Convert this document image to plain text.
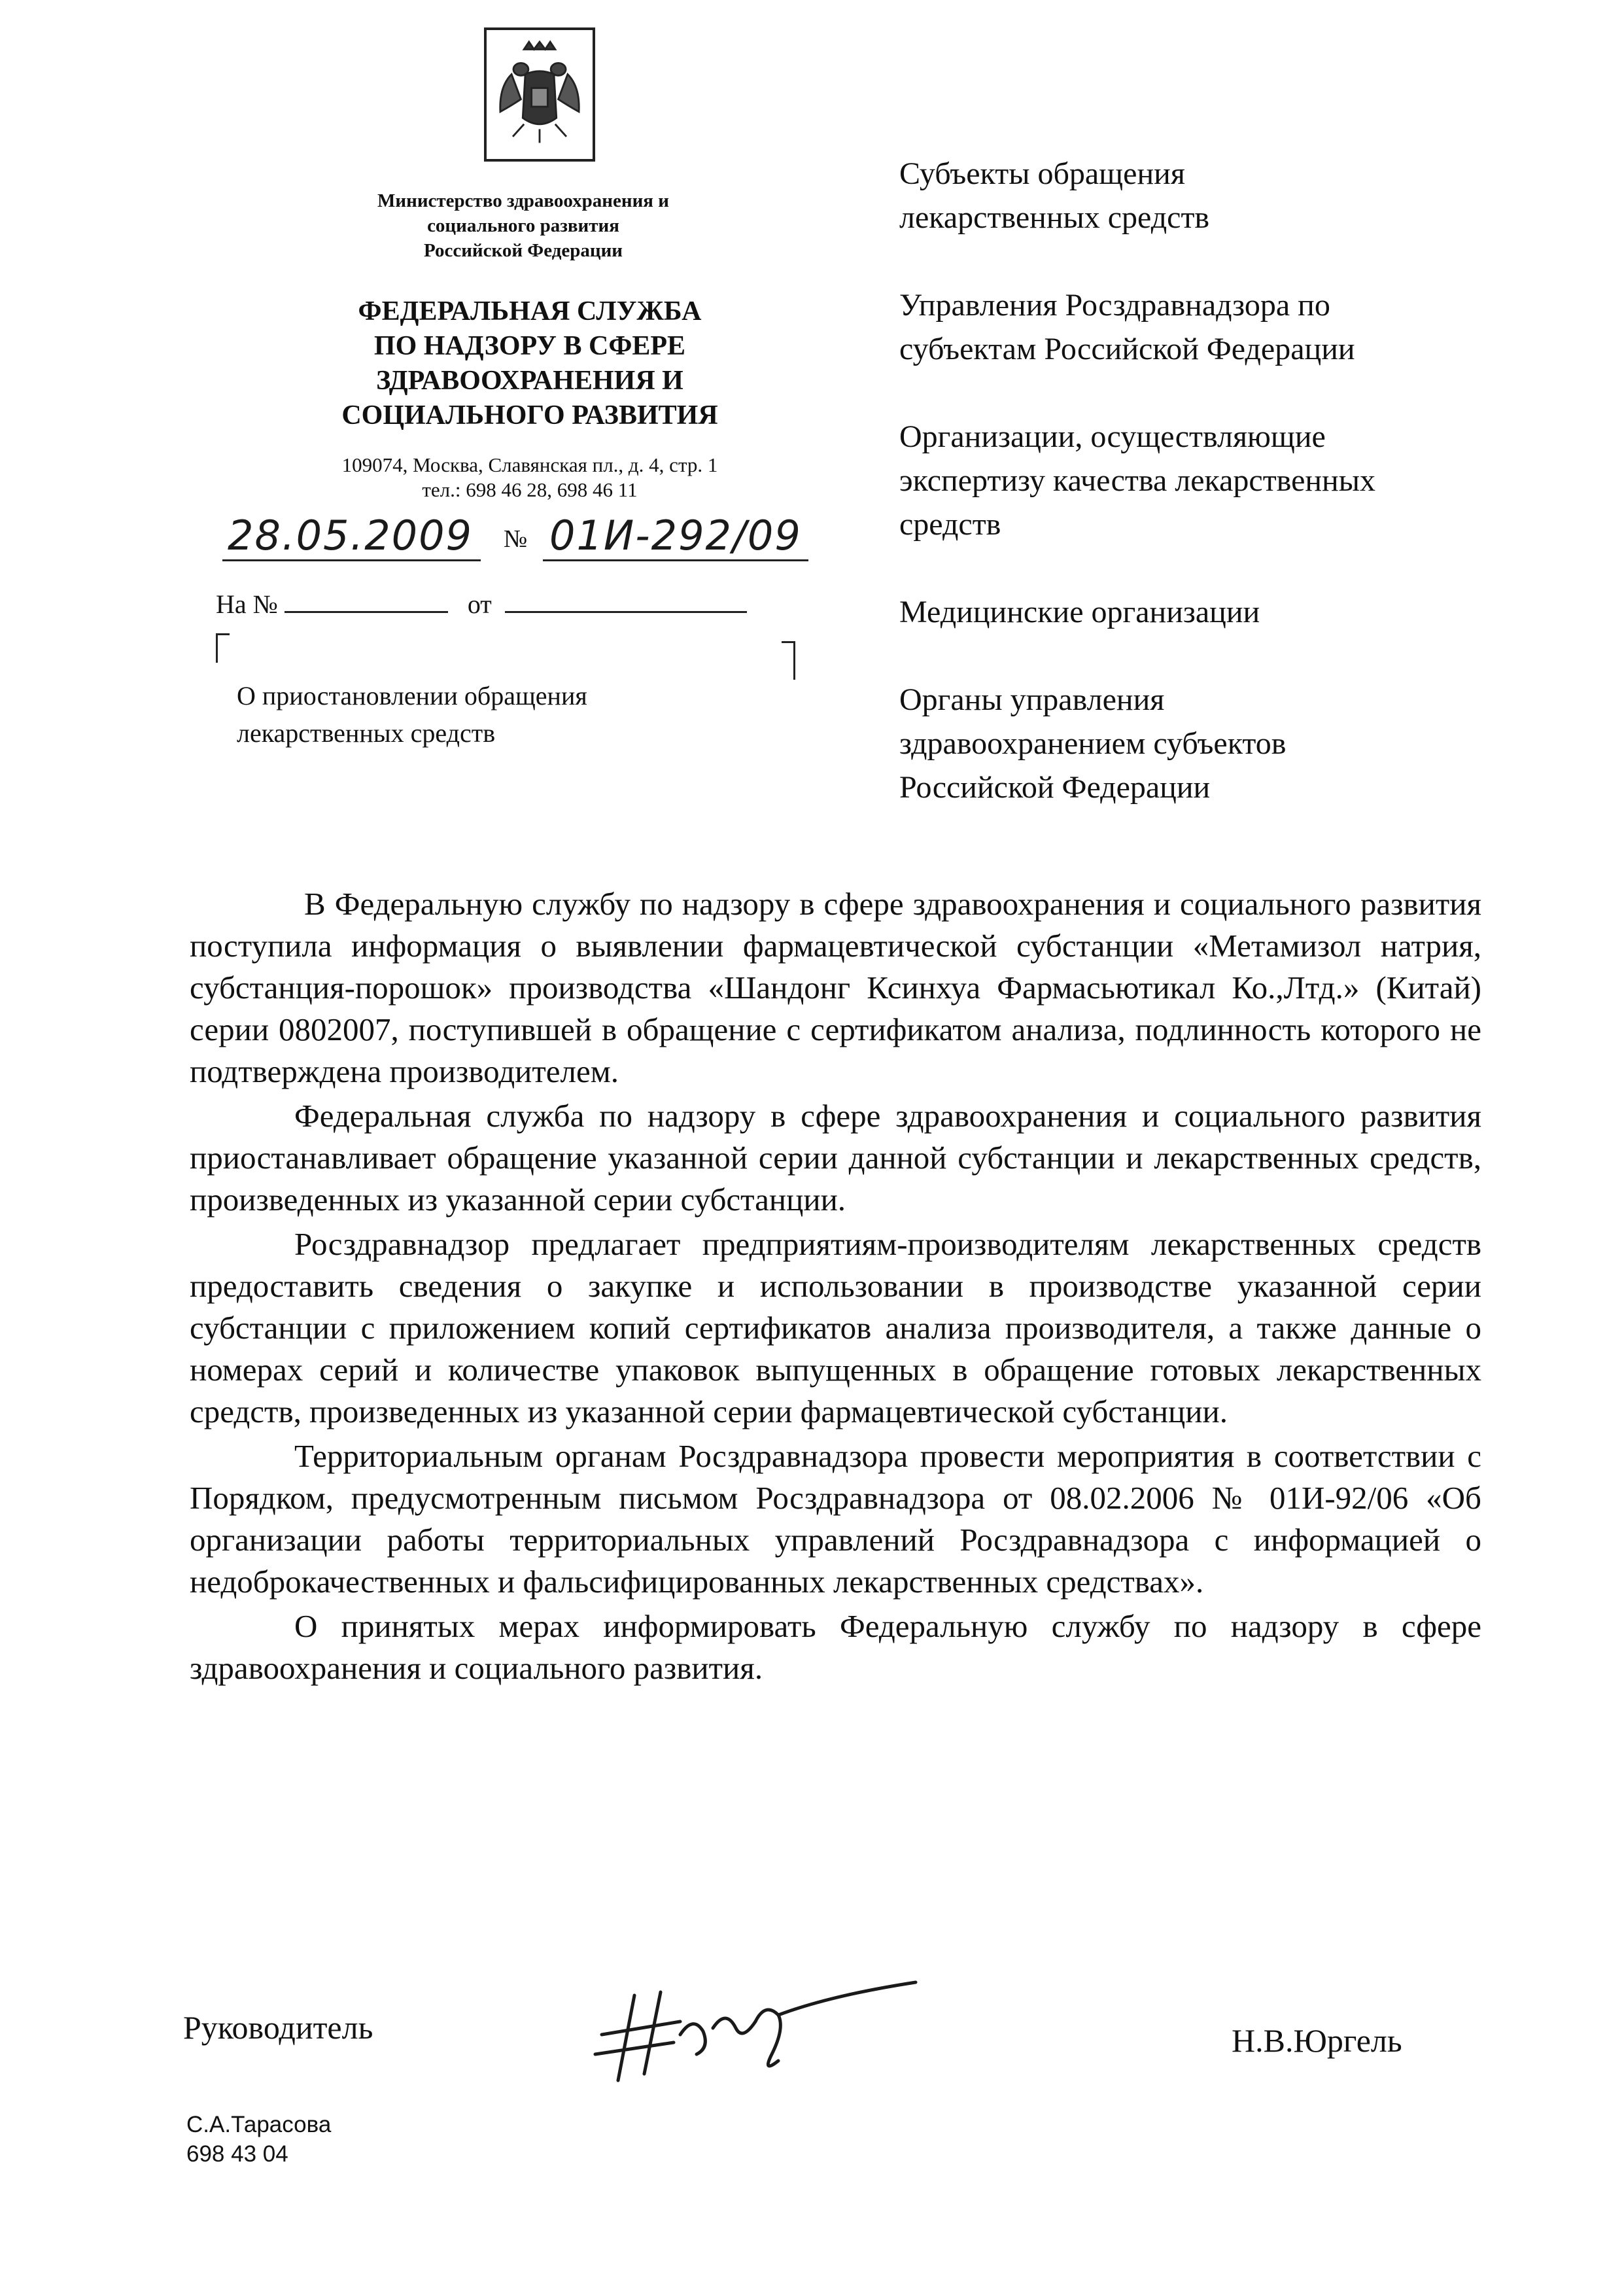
Министерство здравоохранения и
социального развития
Российской Федерации
ФЕДЕРАЛЬНАЯ СЛУЖБА
ПО НАДЗОРУ В СФЕРЕ
ЗДРАВООХРАНЕНИЯ И
СОЦИАЛЬНОГО РАЗВИТИЯ
109074, Москва, Славянская пл., д. 4, стр. 1
тел.: 698 46 28, 698 46 11
28.05.2009	№ 01И-292/09
На №	от
О приостановлении обращения
лекарственных средств
Субъекты обращения
лекарственных средств
Управления Росздравнадзора по
субъектам Российской Федерации
Организации, осуществляющие
экспертизу качества лекарственных
средств
Медицинские организации
Органы управления
здравоохранением субъектов
Российской Федерации

В Федеральную службу по надзору в сфере здравоохранения и социального развития поступила информация о выявлении фармацевтической субстанции «Метамизол натрия, субстанция-порошок» производства «Шандонг Ксинхуа Фармасьютикал Ко.,Лтд.» (Китай) серии 0802007, поступившей в обращение с сертификатом анализа, подлинность которого не подтверждена производителем.

Федеральная служба по надзору в сфере здравоохранения и социального развития приостанавливает обращение указанной серии данной субстанции и лекарственных средств, произведенных из указанной серии субстанции.

Росздравнадзор предлагает предприятиям-производителям лекарственных средств предоставить сведения о закупке и использовании в производстве указанной серии субстанции с приложением копий сертификатов анализа производителя, а также данные о номерах серий и количестве упаковок выпущенных в обращение готовых лекарственных средств, произведенных из указанной серии фармацевтической субстанции.

Территориальным органам Росздравнадзора провести мероприятия в соответствии с Порядком, предусмотренным письмом Росздравнадзора от 08.02.2006 № 01И-92/06 «Об организации работы территориальных управлений Росздравнадзора с информацией о недоброкачественных и фальсифицированных лекарственных средствах».

О принятых мерах информировать Федеральную службу по надзору в сфере здравоохранения и социального развития.

Руководитель	Н.В.Юргель
С.А.Тарасова
698 43 04
